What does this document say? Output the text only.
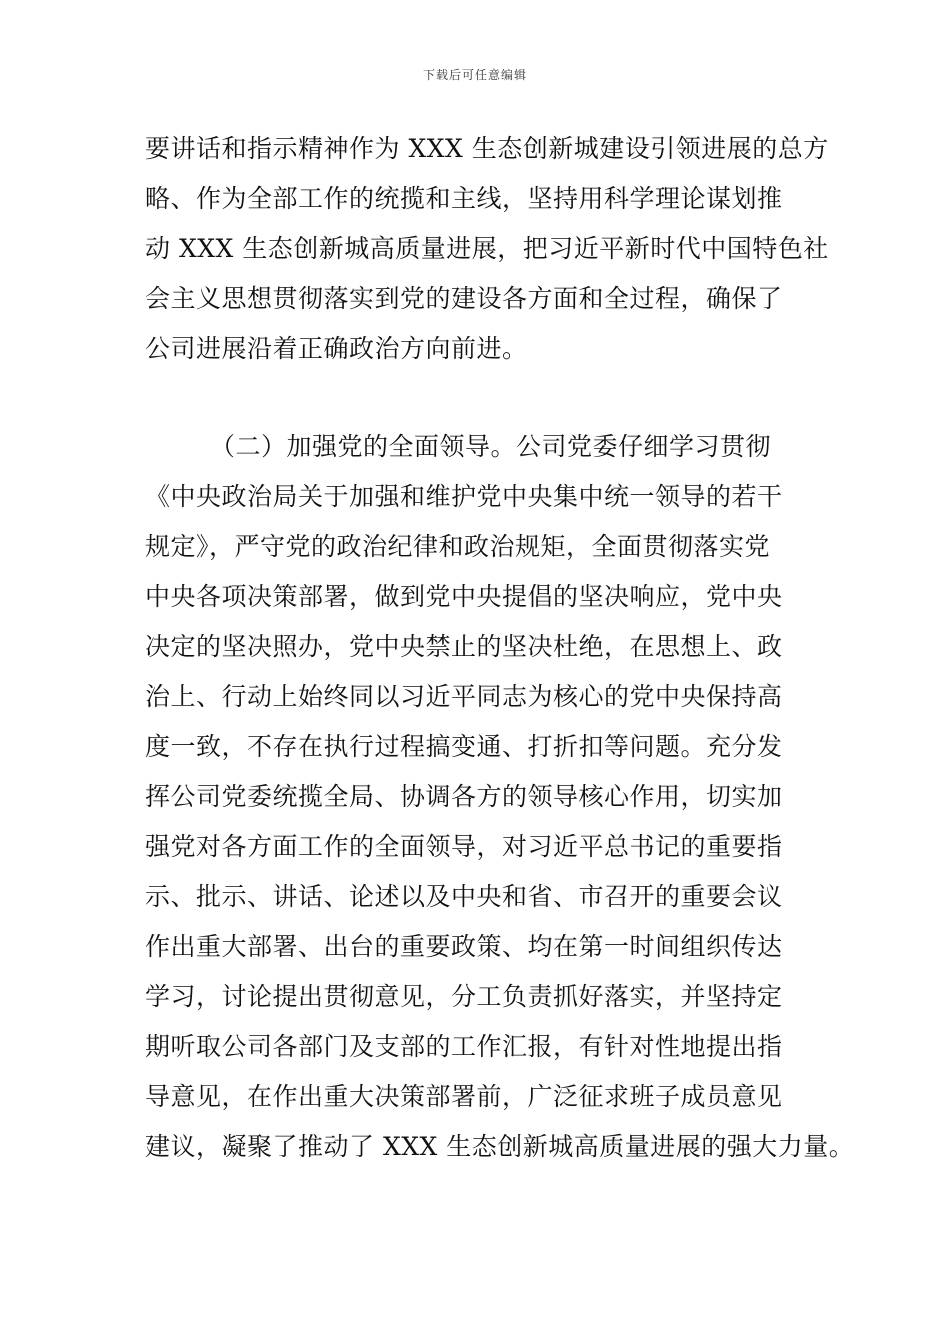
下载后可任意编辑
要讲话和指示精神作为 XXX 生态创新城建设引领进展的总方
略、作为全部工作的统揽和主线，坚持用科学理论谋划推
动 XXX 生态创新城高质量进展，把习近平新时代中国特色社
会主义思想贯彻落实到党的建设各方面和全过程，确保了
公司进展沿着正确政治方向前进。
（二）加强党的全面领导。公司党委仔细学习贯彻
《中央政治局关于加强和维护党中央集中统一领导的若干
规定》，严守党的政治纪律和政治规矩，全面贯彻落实党
中央各项决策部署，做到党中央提倡的坚决响应，党中央
决定的坚决照办，党中央禁止的坚决杜绝，在思想上、政
治上、行动上始终同以习近平同志为核心的党中央保持高
度一致，不存在执行过程搞变通、打折扣等问题。充分发
挥公司党委统揽全局、协调各方的领导核心作用，切实加
强党对各方面工作的全面领导，对习近平总书记的重要指
示、批示、讲话、论述以及中央和省、市召开的重要会议
作出重大部署、出台的重要政策、均在第一时间组织传达
学习，讨论提出贯彻意见，分工负责抓好落实，并坚持定
期听取公司各部门及支部的工作汇报，有针对性地提出指
导意见，在作出重大决策部署前，广泛征求班子成员意见
建议，凝聚了推动了 XXX 生态创新城高质量进展的强大力量。
